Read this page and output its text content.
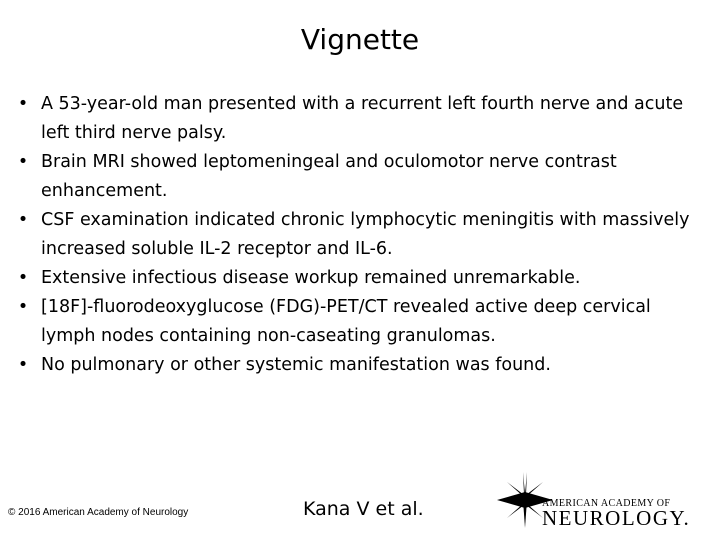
Vignette
• A 53-year-old man presented with a recurrent left fourth nerve and acute left third nerve palsy.
• Brain MRI showed leptomeningeal and oculomotor nerve contrast enhancement.
• CSF examination indicated chronic lymphocytic meningitis with massively increased soluble IL-2 receptor and IL-6.
• Extensive infectious disease workup remained unremarkable.
• [18F]-fluorodeoxyglucose (FDG)-PET/CT revealed active deep cervical lymph nodes containing non-caseating granulomas.
• No pulmonary or other systemic manifestation was found.
© 2016 American Academy of Neurology	Kana V et al.	AMERICAN ACADEMY OF
NEUROLOGY.
